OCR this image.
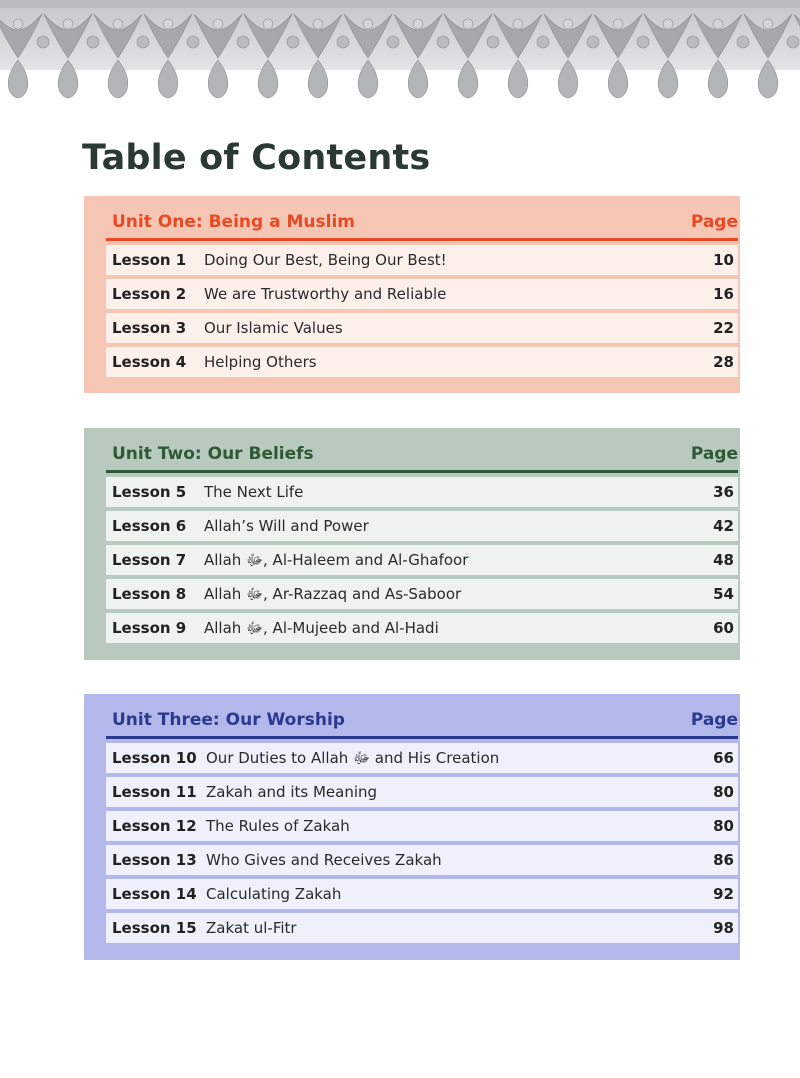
Table of Contents
Unit One: Being a Muslim	Page
Lesson 1 Doing Our Best, Being Our Best!	10
Lesson 2 We are Trustworthy and Reliable	16
Lesson 3 Our Islamic Values	22
Lesson 4 Helping Others	28
Unit Two: Our Beliefs	Page
Lesson 5 The Next Life	36
Lesson 6 Allah’s Will and Power	42
Lesson 7 Allah ﷻ, Al-Haleem and Al-Ghafoor	48
Lesson 8 Allah ﷻ, Ar-Razzaq and As-Saboor	54
Lesson 9 Allah ﷻ, Al-Mujeeb and Al-Hadi	60
Unit Three: Our Worship	Page
Lesson 10 Our Duties to Allah ﷻ and His Creation	66
Lesson 11 Zakah and its Meaning	80
Lesson 12 The Rules of Zakah	80
Lesson 13 Who Gives and Receives Zakah	86
Lesson 14 Calculating Zakah	92
Lesson 15 Zakat ul-Fitr	98
